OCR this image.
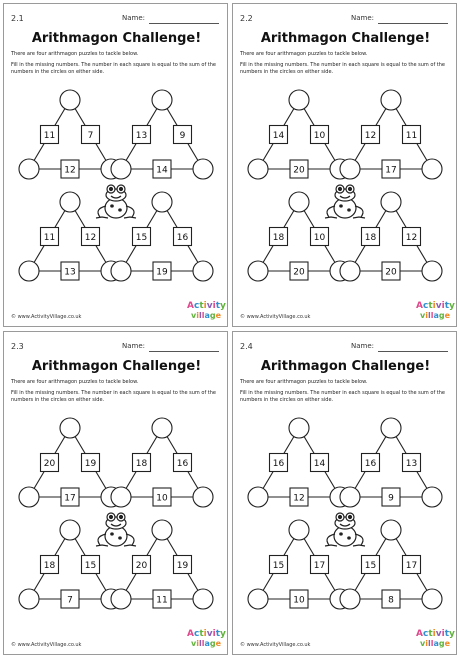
2.1	Name:
Arithmagon Challenge!
There are four arithmagon puzzles to tackle below.
Fill in the missing numbers. The number in each square is equal to the sum of the numbers in the circles on either side.
11	7
12
13	9
14
11	12
13
15	16
19
© www.ActivityVillage.co.uk
Activity
village
2.2	Name:
Arithmagon Challenge!
There are four arithmagon puzzles to tackle below.
Fill in the missing numbers. The number in each square is equal to the sum of the numbers in the circles on either side.
14	10
20
12	11
17
18	10
20
18	12
20
© www.ActivityVillage.co.uk
Activity
village
2.3	Name:
Arithmagon Challenge!
There are four arithmagon puzzles to tackle below.
Fill in the missing numbers. The number in each square is equal to the sum of the numbers in the circles on either side.
20	19
17
18	16
10
18	15
7
20	19
11
© www.ActivityVillage.co.uk
Activity
village
2.4	Name:
Arithmagon Challenge!
There are four arithmagon puzzles to tackle below.
Fill in the missing numbers. The number in each square is equal to the sum of the numbers in the circles on either side.
16	14
12
16	13
9
15	17
10
15	17
8
© www.ActivityVillage.co.uk
Activity
village
